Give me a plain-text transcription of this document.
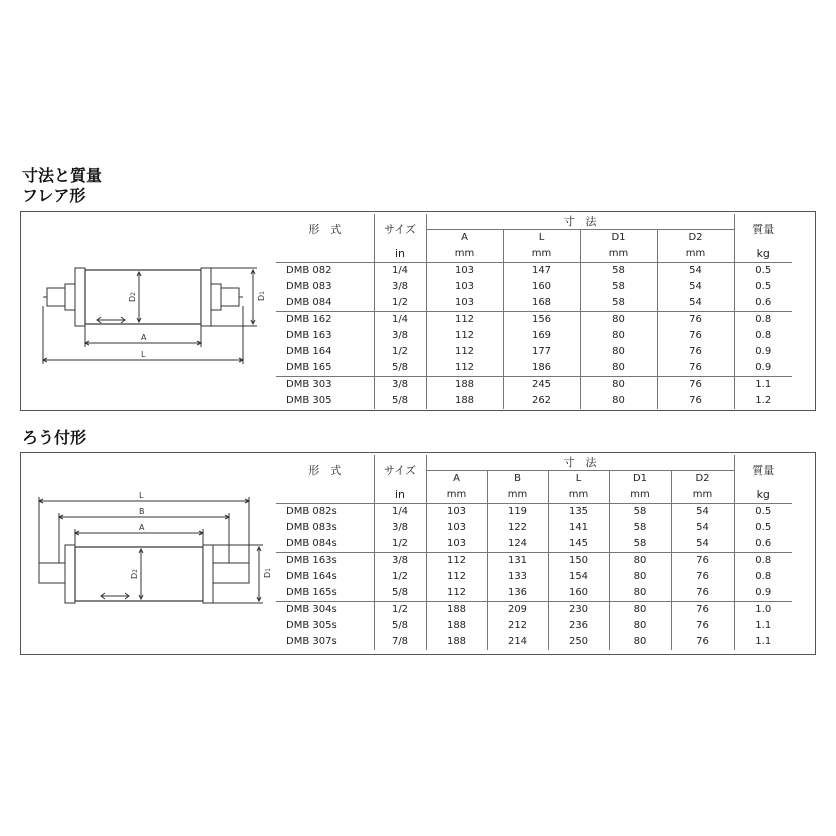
寸法と質量
フレア形
A
L
D2
D1
形　式	サイズ	寸　法				質量
		A	L	D1	D2	
	in	mm	mm	mm	mm	kg
DMB 082	1/4	103	147	58	54	0.5
DMB 083	3/8	103	160	58	54	0.5
DMB 084	1/2	103	168	58	54	0.6
DMB 162	1/4	112	156	80	76	0.8
DMB 163	3/8	112	169	80	76	0.8
DMB 164	1/2	112	177	80	76	0.9
DMB 165	5/8	112	186	80	76	0.9
DMB 303	3/8	188	245	80	76	1.1
DMB 305	5/8	188	262	80	76	1.2
ろう付形
L
B
A
D2
D1
形　式	サイズ	寸　法					質量
		A	B	L	D1	D2	
	in	mm	mm	mm	mm	mm	kg
DMB 082s	1/4	103	119	135	58	54	0.5
DMB 083s	3/8	103	122	141	58	54	0.5
DMB 084s	1/2	103	124	145	58	54	0.6
DMB 163s	3/8	112	131	150	80	76	0.8
DMB 164s	1/2	112	133	154	80	76	0.8
DMB 165s	5/8	112	136	160	80	76	0.9
DMB 304s	1/2	188	209	230	80	76	1.0
DMB 305s	5/8	188	212	236	80	76	1.1
DMB 307s	7/8	188	214	250	80	76	1.1
